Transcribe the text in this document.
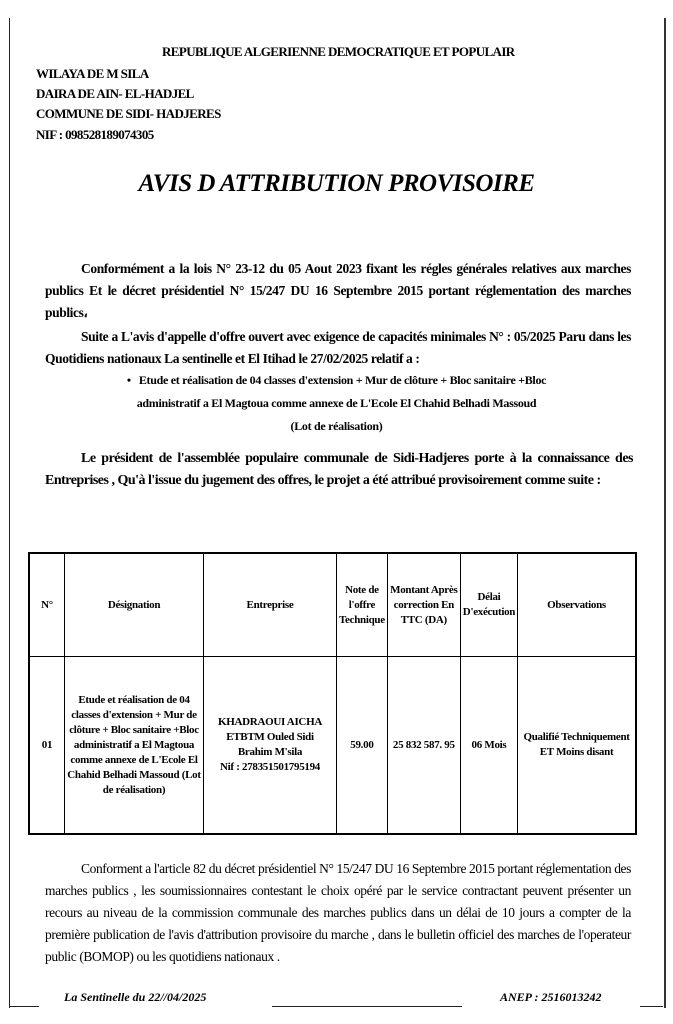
REPUBLIQUE ALGERIENNE DEMOCRATIQUE ET POPULAIR
WILAYA DE M SILA
DAIRA DE AIN- EL-HADJEL
COMMUNE DE SIDI- HADJERES
NIF : 098528189074305
AVIS D ATTRIBUTION PROVISOIRE
Conformément a la lois N° 23-12 du 05 Aout 2023 fixant les régles générales relatives aux marches publics Et le décret présidentiel N° 15/247 DU 16 Septembre 2015 portant réglementation des marches publics،
Suite a L'avis d'appelle d'offre ouvert avec exigence de capacités minimales N° : 05/2025 Paru dans les Quotidiens nationaux La sentinelle et El Itihad le 27/02/2025 relatif a :
•   Etude et réalisation de 04 classes d'extension + Mur de clôture + Bloc sanitaire +Bloc
administratif a El Magtoua comme annexe de L'Ecole El Chahid Belhadi Massoud
(Lot de réalisation)
Le président de l'assemblée populaire communale de Sidi-Hadjeres porte à la connaissance des Entreprises , Qu'à l'issue du jugement des offres, le projet a été attribué provisoirement comme suite :
N°	Désignation	Entreprise	Note de l'offre Technique	Montant Après correction En TTC (DA)	Délai D'exécution	Observations
01	Etude et réalisation de 04 classes d'extension + Mur de clôture + Bloc sanitaire +Bloc administratif a El Magtoua comme annexe de L'Ecole El Chahid Belhadi Massoud (Lot de réalisation)	KHADRAOUI AICHA
ETBTM Ouled Sidi
Brahim M'sila
Nif : 278351501795194	59.00	25 832 587. 95	06 Mois	Qualifié Techniquement ET Moins disant
Conforment a l'article 82 du décret présidentiel N° 15/247 DU 16 Septembre 2015 portant réglementation des marches publics , les soumissionnaires contestant le choix opéré par le service contractant peuvent présenter un recours au niveau de la commission communale des marches publics dans un délai de 10 jours a compter de la première publication de l'avis d'attribution provisoire du marche , dans le bulletin officiel des marches de l'operateur public (BOMOP) ou les quotidiens nationaux .
La Sentinelle du 22//04/2025	ANEP : 2516013242
